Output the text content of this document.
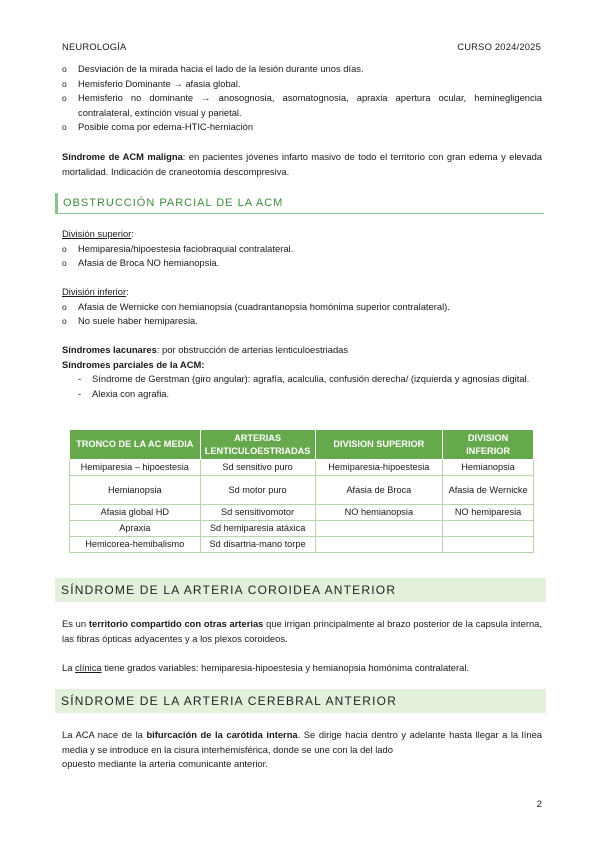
NEUROLOGÍA	CURSO 2024/2025
o Desviación de la mirada hacia el lado de la lesión durante unos días.
o Hemisferio Dominante → afasia global.
o Hemisferio no dominante → anosognosia, asomatognosia, apraxia apertura ocular, heminegligencia contralateral, extinción visual y parietal.
o Posible coma por edema-HTIC-herniación
Síndrome de ACM maligna: en pacientes jóvenes infarto masivo de todo el territorio con gran edema y elevada mortalidad. Indicación de craneotomía descompresiva.
OBSTRUCCIÓN PARCIAL DE LA ACM
División superior:
o Hemiparesia/hipoestesia faciobraquial contralateral.
o Afasia de Broca NO hemianopsia.
División inferior:
o Afasia de Wernicke con hemianopsia (cuadrantanopsia homónima superior contralateral).
o No suele haber hemiparesia.
Síndromes lacunares: por obstrucción de arterias lenticuloestriadas
Síndromes parciales de la ACM:
- Síndrome de Gerstman (giro angular): agrafía, acalculia, confusión derecha/ (izquierda y agnosias digital.
- Alexia con agrafia.
TRONCO DE LA AC MEDIA	ARTERIAS LENTICULOESTRIADAS	DIVISION SUPERIOR	DIVISION INFERIOR
Hemiparesia – hipoestesia	Sd sensitivo puro	Hemiparesia-hipoestesia	Hemianopsia
Hemianopsia	Sd motor puro	Afasia de Broca	Afasia de Wernicke
Afasia global HD	Sd sensitivomotor	NO hemianopsia	NO hemiparesia
Apraxia	Sd hemiparesia atáxica		
Hemicorea-hemibalismo	Sd disartria-mano torpe		
SÍNDROME DE LA ARTERIA COROIDEA ANTERIOR
Es un territorio compartido con otras arterias que irrigan principalmente al brazo posterior de la capsula interna, las fibras ópticas adyacentes y a los plexos coroideos.
La clínica tiene grados variables: hemiparesia-hipoestesia y hemianopsia homónima contralateral.
SÍNDROME DE LA ARTERIA CEREBRAL ANTERIOR
La ACA nace de la bifurcación de la carótida interna. Se dirige hacia dentro y adelante hasta llegar a la línea media y se introduce en la cisura interhemisférica, donde se une con la del lado
opuesto mediante la arteria comunicante anterior.
2
